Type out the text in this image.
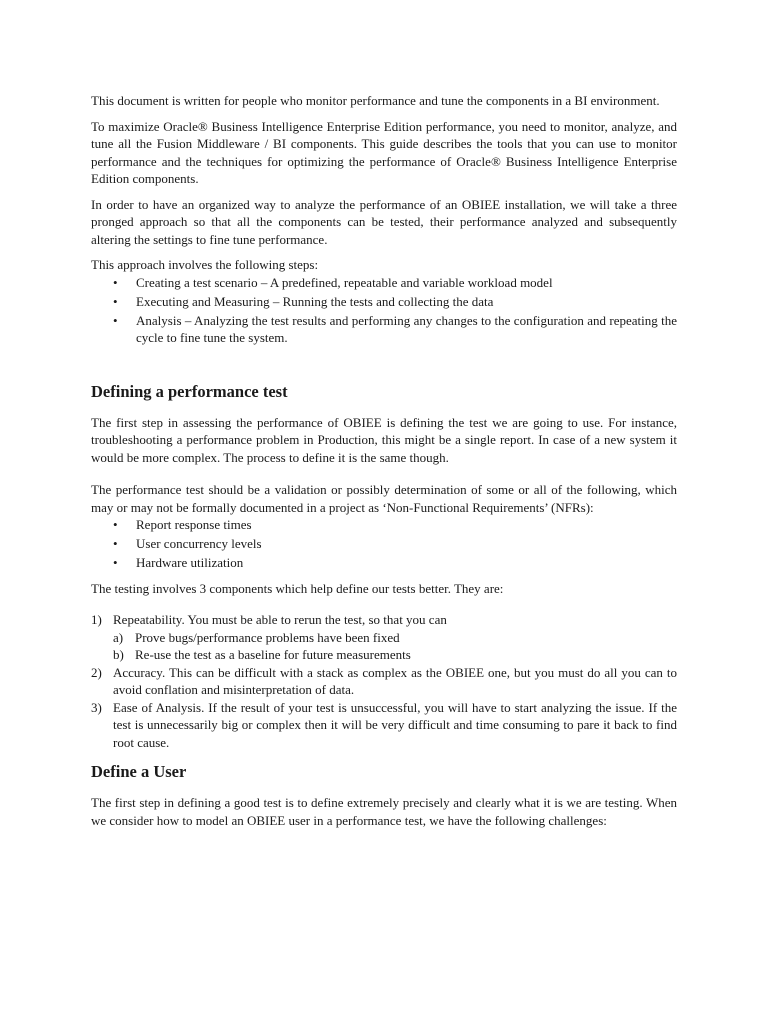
This document is written for people who monitor performance and tune the components in a BI environment.

To maximize Oracle® Business Intelligence Enterprise Edition performance, you need to monitor, analyze, and tune all the Fusion Middleware / BI components. This guide describes the tools that you can use to monitor performance and the techniques for optimizing the performance of Oracle® Business Intelligence Enterprise Edition components.

In order to have an organized way to analyze the performance of an OBIEE installation, we will take a three pronged approach so that all the components can be tested, their performance analyzed and subsequently altering the settings to fine tune performance.

This approach involves the following steps:

• Creating a test scenario – A predefined, repeatable and variable workload model
• Executing and Measuring – Running the tests and collecting the data
• Analysis – Analyzing the test results and performing any changes to the configuration and repeating the cycle to fine tune the system.
Defining a performance test

The first step in assessing the performance of OBIEE is defining the test we are going to use. For instance, troubleshooting a performance problem in Production, this might be a single report. In case of a new system it would be more complex. The process to define it is the same though.

The performance test should be a validation or possibly determination of some or all of the following, which may or may not be formally documented in a project as ‘Non-Functional Requirements’ (NFRs):

• Report response times
• User concurrency levels
• Hardware utilization

The testing involves 3 components which help define our tests better. They are:

1) Repeatability. You must be able to rerun the test, so that you can
a) Prove bugs/performance problems have been fixed
b) Re-use the test as a baseline for future measurements
2) Accuracy. This can be difficult with a stack as complex as the OBIEE one, but you must do all you can to avoid conflation and misinterpretation of data.
3) Ease of Analysis. If the result of your test is unsuccessful, you will have to start analyzing the issue. If the test is unnecessarily big or complex then it will be very difficult and time consuming to pare it back to find root cause.
Define a User

The first step in defining a good test is to define extremely precisely and clearly what it is we are testing. When we consider how to model an OBIEE user in a performance test, we have the following challenges:
